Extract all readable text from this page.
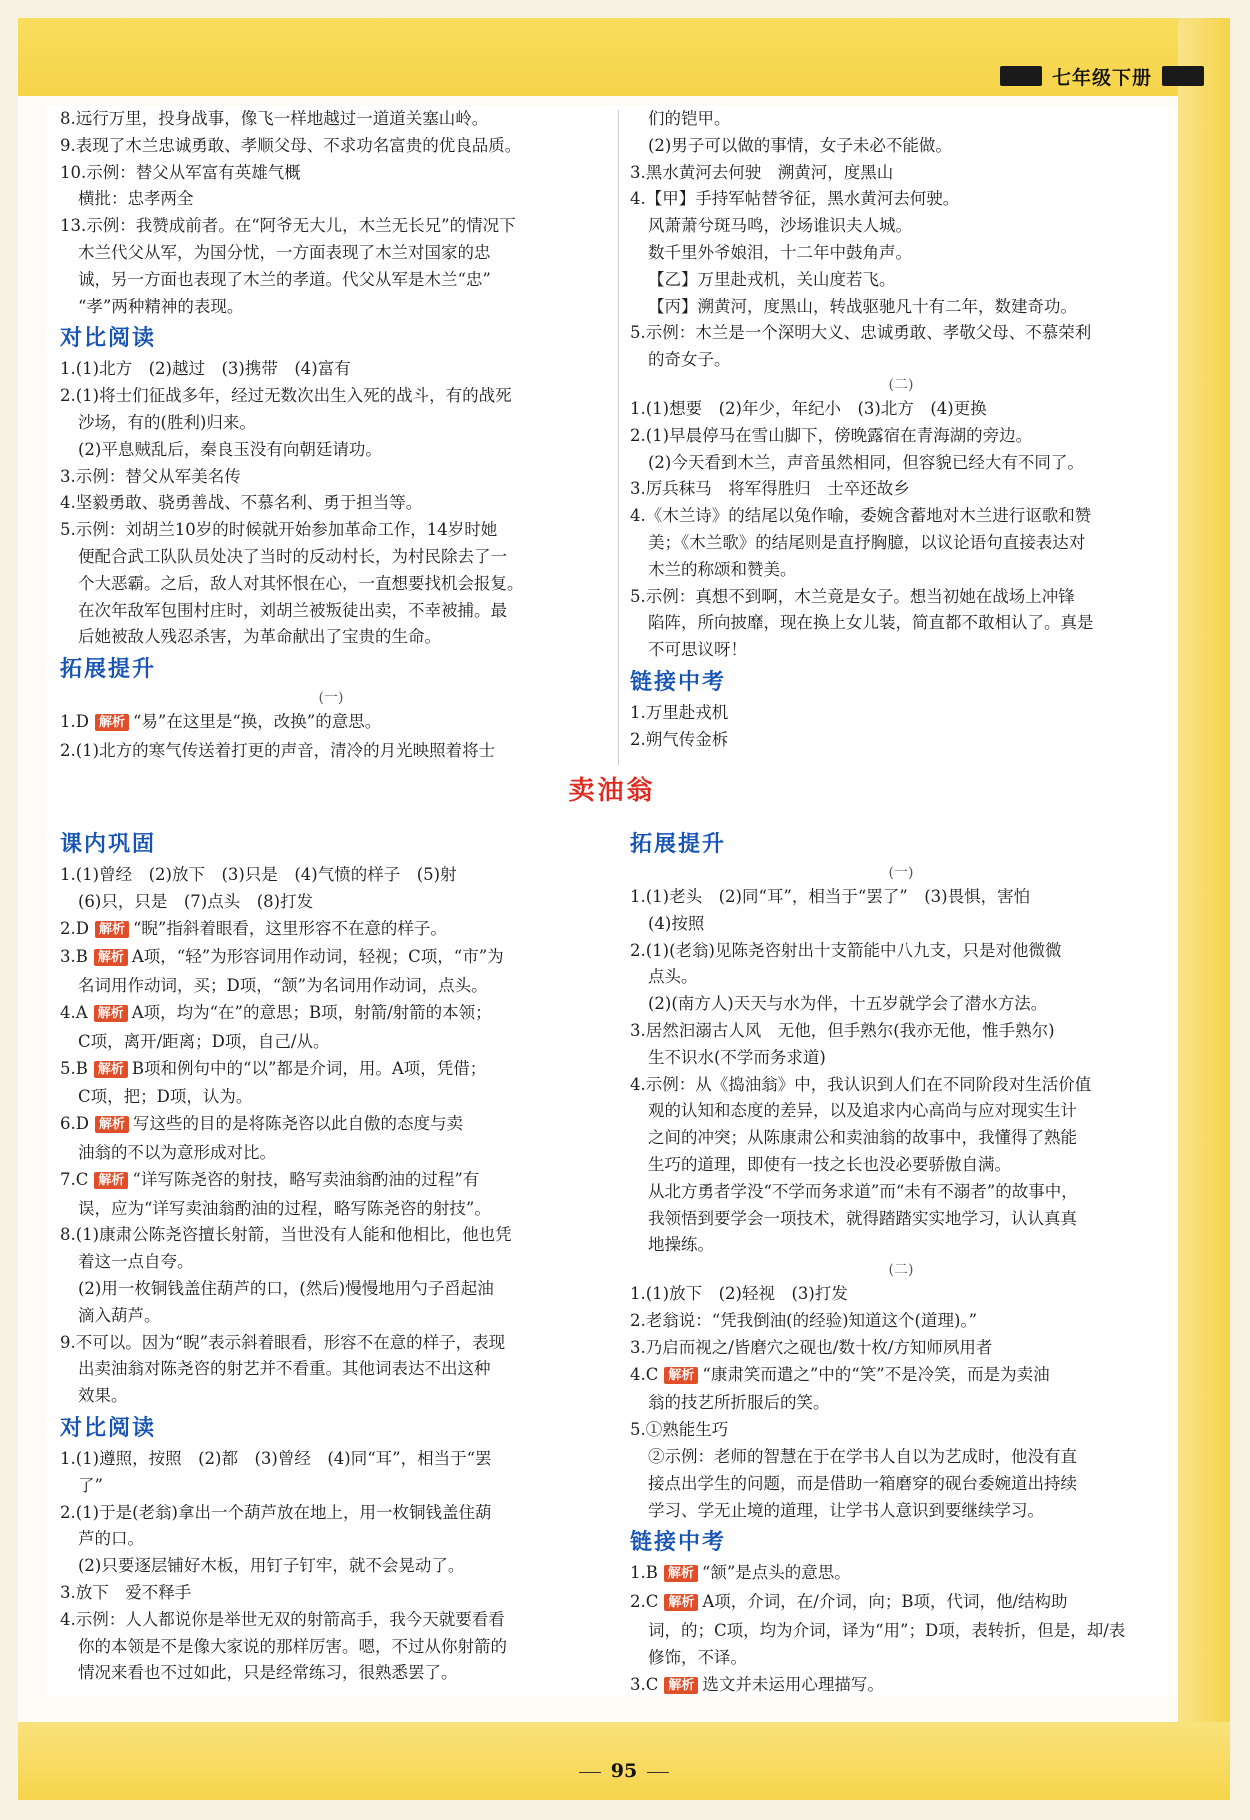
七年级下册
8.远行万里，投身战事，像飞一样地越过一道道关塞山岭。
9.表现了木兰忠诚勇敢、孝顺父母、不求功名富贵的优良品质。
10.示例：替父从军富有英雄气概
横批：忠孝两全
13.示例：我赞成前者。在“阿爷无大儿，木兰无长兄”的情况下
木兰代父从军，为国分忧，一方面表现了木兰对国家的忠
诚，另一方面也表现了木兰的孝道。代父从军是木兰“忠”
“孝”两种精神的表现。
对比阅读
1.(1)北方　(2)越过　(3)携带　(4)富有
2.(1)将士们征战多年，经过无数次出生入死的战斗，有的战死
沙场，有的(胜利)归来。
(2)平息贼乱后，秦良玉没有向朝廷请功。
3.示例：替父从军美名传
4.坚毅勇敢、骁勇善战、不慕名利、勇于担当等。
5.示例：刘胡兰10岁的时候就开始参加革命工作，14岁时她
便配合武工队队员处决了当时的反动村长，为村民除去了一
个大恶霸。之后，敌人对其怀恨在心，一直想要找机会报复。
在次年敌军包围村庄时，刘胡兰被叛徒出卖，不幸被捕。最
后她被敌人残忍杀害，为革命献出了宝贵的生命。
拓展提升
(一)
1.D 解析 “易”在这里是“换，改换”的意思。
2.(1)北方的寒气传送着打更的声音，清冷的月光映照着将士
们的铠甲。
(2)男子可以做的事情，女子未必不能做。
3.黑水黄河去何驶　溯黄河，度黑山
4.【甲】手持军帖替爷征，黑水黄河去何驶。
风萧萧兮斑马鸣，沙场谁识夫人城。
数千里外爷娘泪，十二年中鼓角声。
【乙】万里赴戎机，关山度若飞。
【丙】溯黄河，度黑山，转战驱驰凡十有二年，数建奇功。
5.示例：木兰是一个深明大义、忠诚勇敢、孝敬父母、不慕荣利
的奇女子。
(二)
1.(1)想要　(2)年少，年纪小　(3)北方　(4)更换
2.(1)早晨停马在雪山脚下，傍晚露宿在青海湖的旁边。
(2)今天看到木兰，声音虽然相同，但容貌已经大有不同了。
3.厉兵秣马　将军得胜归　士卒还故乡
4.《木兰诗》的结尾以兔作喻，委婉含蓄地对木兰进行讴歌和赞
美；《木兰歌》的结尾则是直抒胸臆，以议论语句直接表达对
木兰的称颂和赞美。
5.示例：真想不到啊，木兰竟是女子。想当初她在战场上冲锋
陷阵，所向披靡，现在换上女儿装，简直都不敢相认了。真是
不可思议呀！
链接中考
1.万里赴戎机
2.朔气传金柝
卖油翁
课内巩固
1.(1)曾经　(2)放下　(3)只是　(4)气愤的样子　(5)射
(6)只，只是　(7)点头　(8)打发
2.D 解析 “睨”指斜着眼看，这里形容不在意的样子。
3.B 解析 A项，“轻”为形容词用作动词，轻视；C项，“市”为
名词用作动词，买；D项，“颔”为名词用作动词，点头。
4.A 解析 A项，均为“在”的意思；B项，射箭/射箭的本领；
C项，离开/距离；D项，自己/从。
5.B 解析 B项和例句中的“以”都是介词，用。A项，凭借；
C项，把；D项，认为。
6.D 解析 写这些的目的是将陈尧咨以此自傲的态度与卖
油翁的不以为意形成对比。
7.C 解析 “详写陈尧咨的射技，略写卖油翁酌油的过程”有
误，应为“详写卖油翁酌油的过程，略写陈尧咨的射技”。
8.(1)康肃公陈尧咨擅长射箭，当世没有人能和他相比，他也凭
着这一点自夸。
(2)用一枚铜钱盖住葫芦的口，(然后)慢慢地用勺子舀起油
滴入葫芦。
9.不可以。因为“睨”表示斜着眼看，形容不在意的样子，表现
出卖油翁对陈尧咨的射艺并不看重。其他词表达不出这种
效果。
对比阅读
1.(1)遵照，按照　(2)都　(3)曾经　(4)同“耳”，相当于“罢
了”
2.(1)于是(老翁)拿出一个葫芦放在地上，用一枚铜钱盖住葫
芦的口。
(2)只要逐层铺好木板，用钉子钉牢，就不会晃动了。
3.放下　爱不释手
4.示例：人人都说你是举世无双的射箭高手，我今天就要看看
你的本领是不是像大家说的那样厉害。嗯，不过从你射箭的
情况来看也不过如此，只是经常练习，很熟悉罢了。
拓展提升
(一)
1.(1)老头　(2)同“耳”，相当于“罢了”　(3)畏惧，害怕
(4)按照
2.(1)(老翁)见陈尧咨射出十支箭能中八九支，只是对他微微
点头。
(2)(南方人)天天与水为伴，十五岁就学会了潜水方法。
3.居然汩溺古人风　无他，但手熟尔(我亦无他，惟手熟尔)
生不识水(不学而务求道)
4.示例：从《捣油翁》中，我认识到人们在不同阶段对生活价值
观的认知和态度的差异，以及追求内心高尚与应对现实生计
之间的冲突；从陈康肃公和卖油翁的故事中，我懂得了熟能
生巧的道理，即使有一技之长也没必要骄傲自满。
从北方勇者学没“不学而务求道”而“未有不溺者”的故事中，
我领悟到要学会一项技术，就得踏踏实实地学习，认认真真
地操练。
(二)
1.(1)放下　(2)轻视　(3)打发
2.老翁说：“凭我倒油(的经验)知道这个(道理)。”
3.乃启而视之/皆磨穴之砚也/数十枚/方知师夙用者
4.C 解析 “康肃笑而遣之”中的“笑”不是冷笑，而是为卖油
翁的技艺所折服后的笑。
5.①熟能生巧
②示例：老师的智慧在于在学书人自以为艺成时，他没有直
接点出学生的问题，而是借助一箱磨穿的砚台委婉道出持续
学习、学无止境的道理，让学书人意识到要继续学习。
链接中考
1.B 解析 “颔”是点头的意思。
2.C 解析 A项，介词，在/介词，向；B项，代词，他/结构助
词，的；C项，均为介词，译为“用”；D项，表转折，但是，却/表
修饰，不译。
3.C 解析 选文并未运用心理描写。
95
